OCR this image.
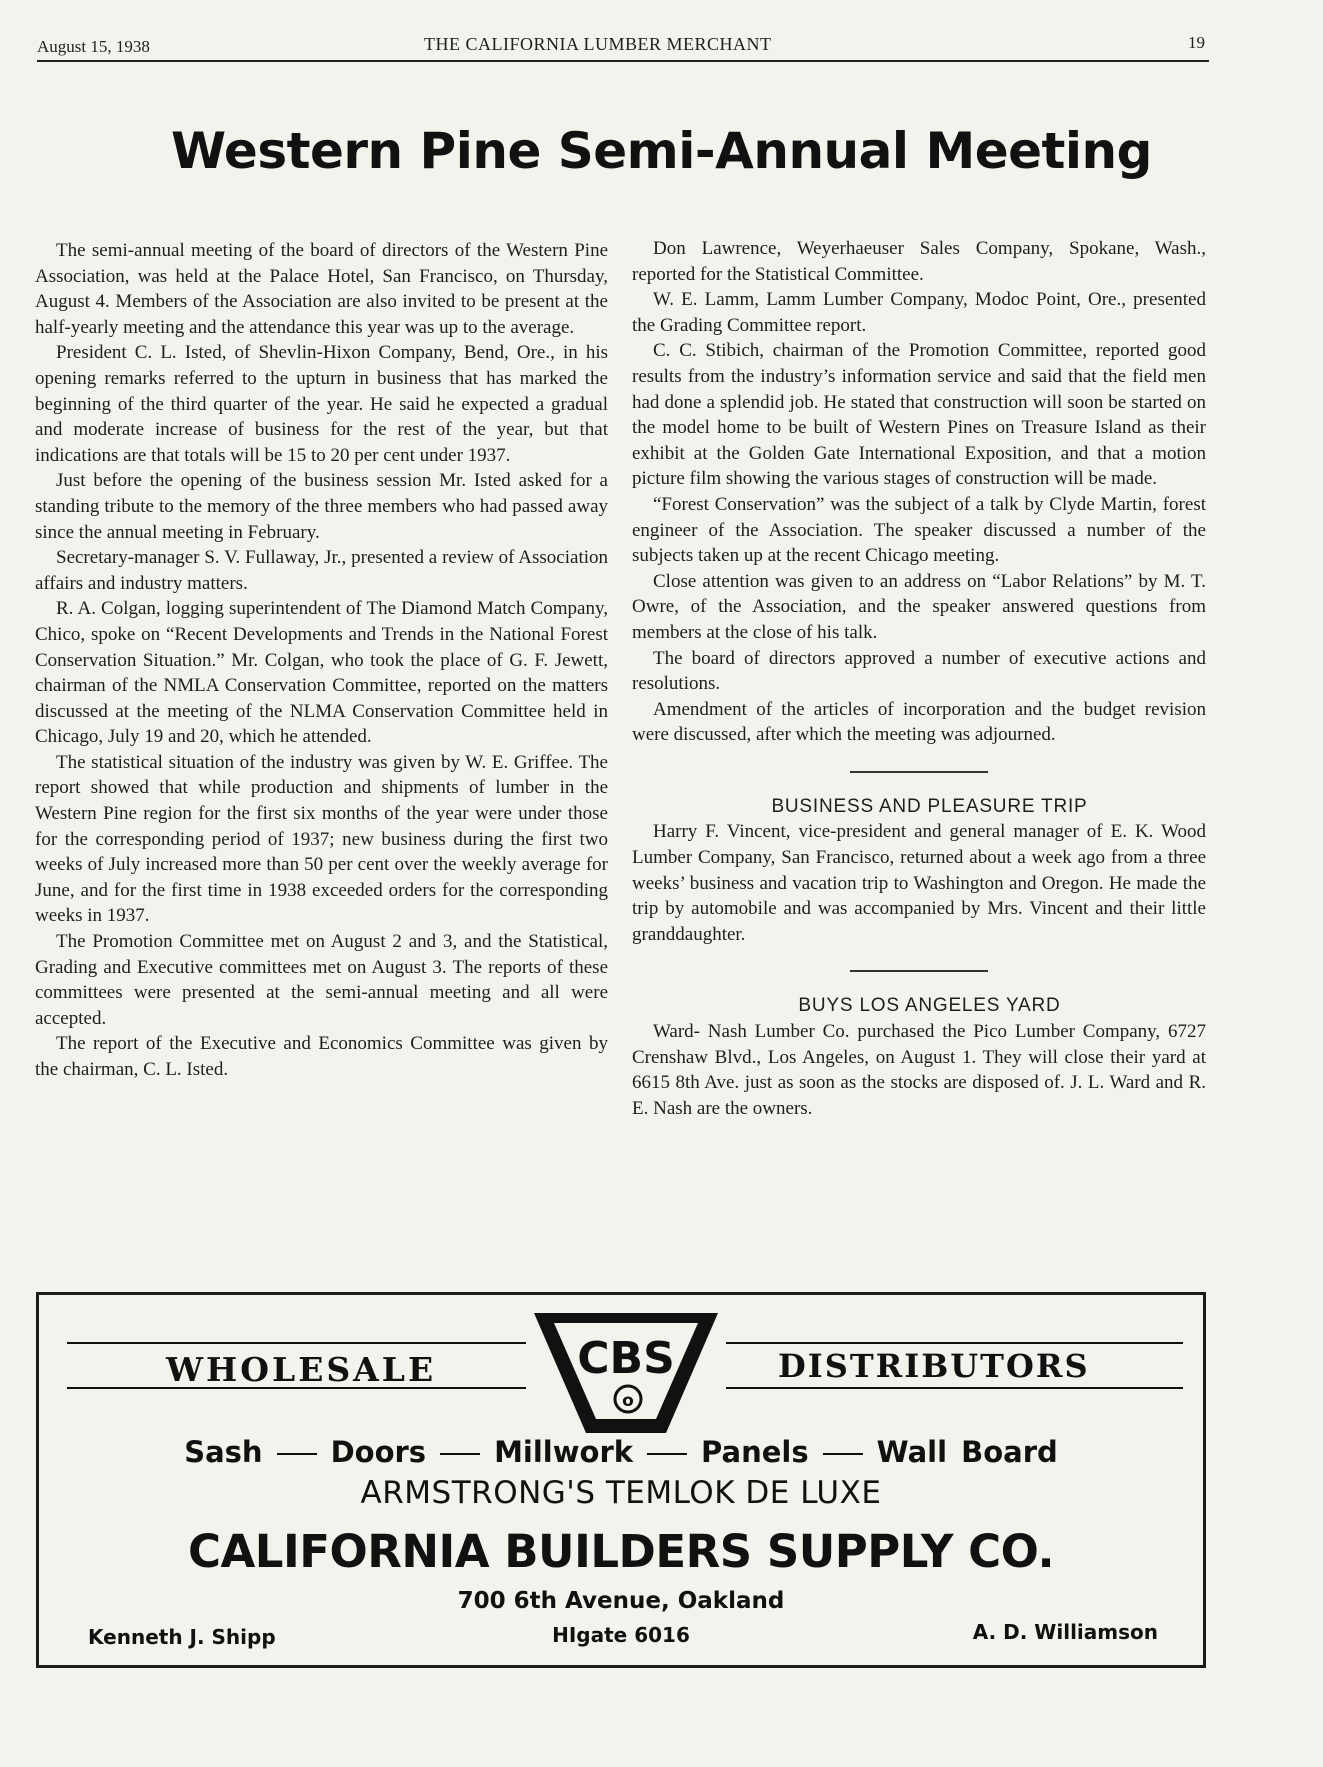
August 15, 1938	THE CALIFORNIA LUMBER MERCHANT	19
Western Pine Semi-Annual Meeting

The semi-annual meeting of the board of directors of the Western Pine Association, was held at the Palace Hotel, San Francisco, on Thursday, August 4. Members of the Association are also invited to be present at the half-yearly meeting and the attendance this year was up to the average.

President C. L. Isted, of Shevlin-Hixon Company, Bend, Ore., in his opening remarks referred to the upturn in business that has marked the beginning of the third quarter of the year. He said he expected a gradual and moderate increase of business for the rest of the year, but that indications are that totals will be 15 to 20 per cent under 1937.

Just before the opening of the business session Mr. Isted asked for a standing tribute to the memory of the three members who had passed away since the annual meeting in February.

Secretary-manager S. V. Fullaway, Jr., presented a review of Association affairs and industry matters.

R. A. Colgan, logging superintendent of The Diamond Match Company, Chico, spoke on “Recent Developments and Trends in the National Forest Conservation Situation.” Mr. Colgan, who took the place of G. F. Jewett, chairman of the NMLA Conservation Committee, reported on the matters discussed at the meeting of the NLMA Conservation Committee held in Chicago, July 19 and 20, which he attended.

The statistical situation of the industry was given by W. E. Griffee. The report showed that while production and shipments of lumber in the Western Pine region for the first six months of the year were under those for the corresponding period of 1937; new business during the first two weeks of July increased more than 50 per cent over the weekly average for June, and for the first time in 1938 exceeded orders for the corresponding weeks in 1937.

The Promotion Committee met on August 2 and 3, and the Statistical, Grading and Executive committees met on August 3. The reports of these committees were presented at the semi-annual meeting and all were accepted.

The report of the Executive and Economics Committee was given by the chairman, C. L. Isted.

Don Lawrence, Weyerhaeuser Sales Company, Spokane, Wash., reported for the Statistical Committee.

W. E. Lamm, Lamm Lumber Company, Modoc Point, Ore., presented the Grading Committee report.

C. C. Stibich, chairman of the Promotion Committee, reported good results from the industry’s information service and said that the field men had done a splendid job. He stated that construction will soon be started on the model home to be built of Western Pines on Treasure Island as their exhibit at the Golden Gate International Exposition, and that a motion picture film showing the various stages of construction will be made.

“Forest Conservation” was the subject of a talk by Clyde Martin, forest engineer of the Association. The speaker discussed a number of the subjects taken up at the recent Chicago meeting.

Close attention was given to an address on “Labor Relations” by M. T. Owre, of the Association, and the speaker answered questions from members at the close of his talk.

The board of directors approved a number of executive actions and resolutions.

Amendment of the articles of incorporation and the budget revision were discussed, after which the meeting was adjourned.

BUSINESS AND PLEASURE TRIP

Harry F. Vincent, vice-president and general manager of E. K. Wood Lumber Company, San Francisco, returned about a week ago from a three weeks’ business and vacation trip to Washington and Oregon. He made the trip by automobile and was accompanied by Mrs. Vincent and their little granddaughter.

BUYS LOS ANGELES YARD

Ward- Nash Lumber Co. purchased the Pico Lumber Company, 6727 Crenshaw Blvd., Los Angeles, on August 1. They will close their yard at 6615 8th Ave. just as soon as the stocks are disposed of. J. L. Ward and R. E. Nash are the owners.

WHOLESALE	DISTRIBUTORS
CBS
o
Sash Doors Millwork Panels Wall Board
ARMSTRONG'S TEMLOK DE LUXE
CALIFORNIA BUILDERS SUPPLY CO.
700 6th Avenue, Oakland
HIgate 6016
Kenneth J. Shipp	A. D. Williamson
